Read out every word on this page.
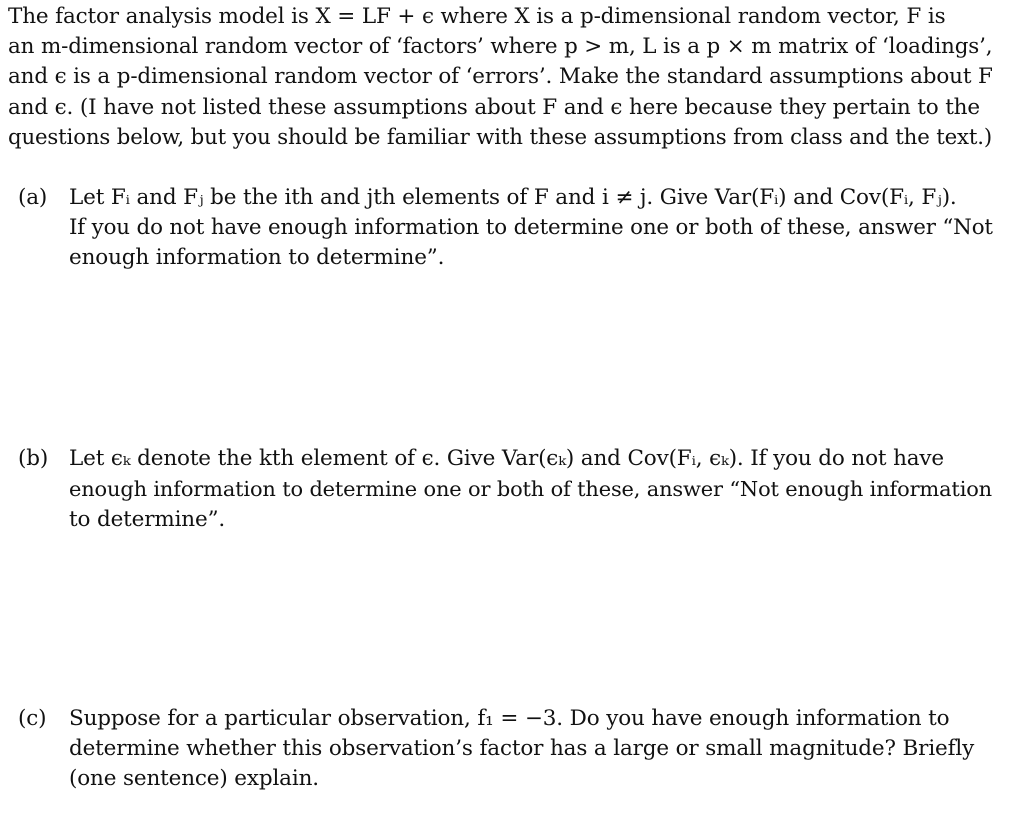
The factor analysis model is X = LF + ϵ where X is a p-dimensional random vector, F is an m-dimensional random vector of ‘factors’ where p > m, L is a p × m matrix of ‘loadings’, and ϵ is a p-dimensional random vector of ‘errors’. Make the standard assumptions about F and ϵ. (I have not listed these assumptions about F and ϵ here because they pertain to the questions below, but you should be familiar with these assumptions from class and the text.)
(a) Let Fᵢ and Fⱼ be the ith and jth elements of F and i ≠ j. Give Var(Fᵢ) and Cov(Fᵢ, Fⱼ).
If you do not have enough information to determine one or both of these, answer “Not
enough information to determine”.
(b) Let ϵₖ denote the kth element of ϵ. Give Var(ϵₖ) and Cov(Fᵢ, ϵₖ). If you do not have
enough information to determine one or both of these, answer “Not enough information
to determine”.
(c) Suppose for a particular observation, f₁ = −3. Do you have enough information to
determine whether this observation’s factor has a large or small magnitude? Briefly
(one sentence) explain.
